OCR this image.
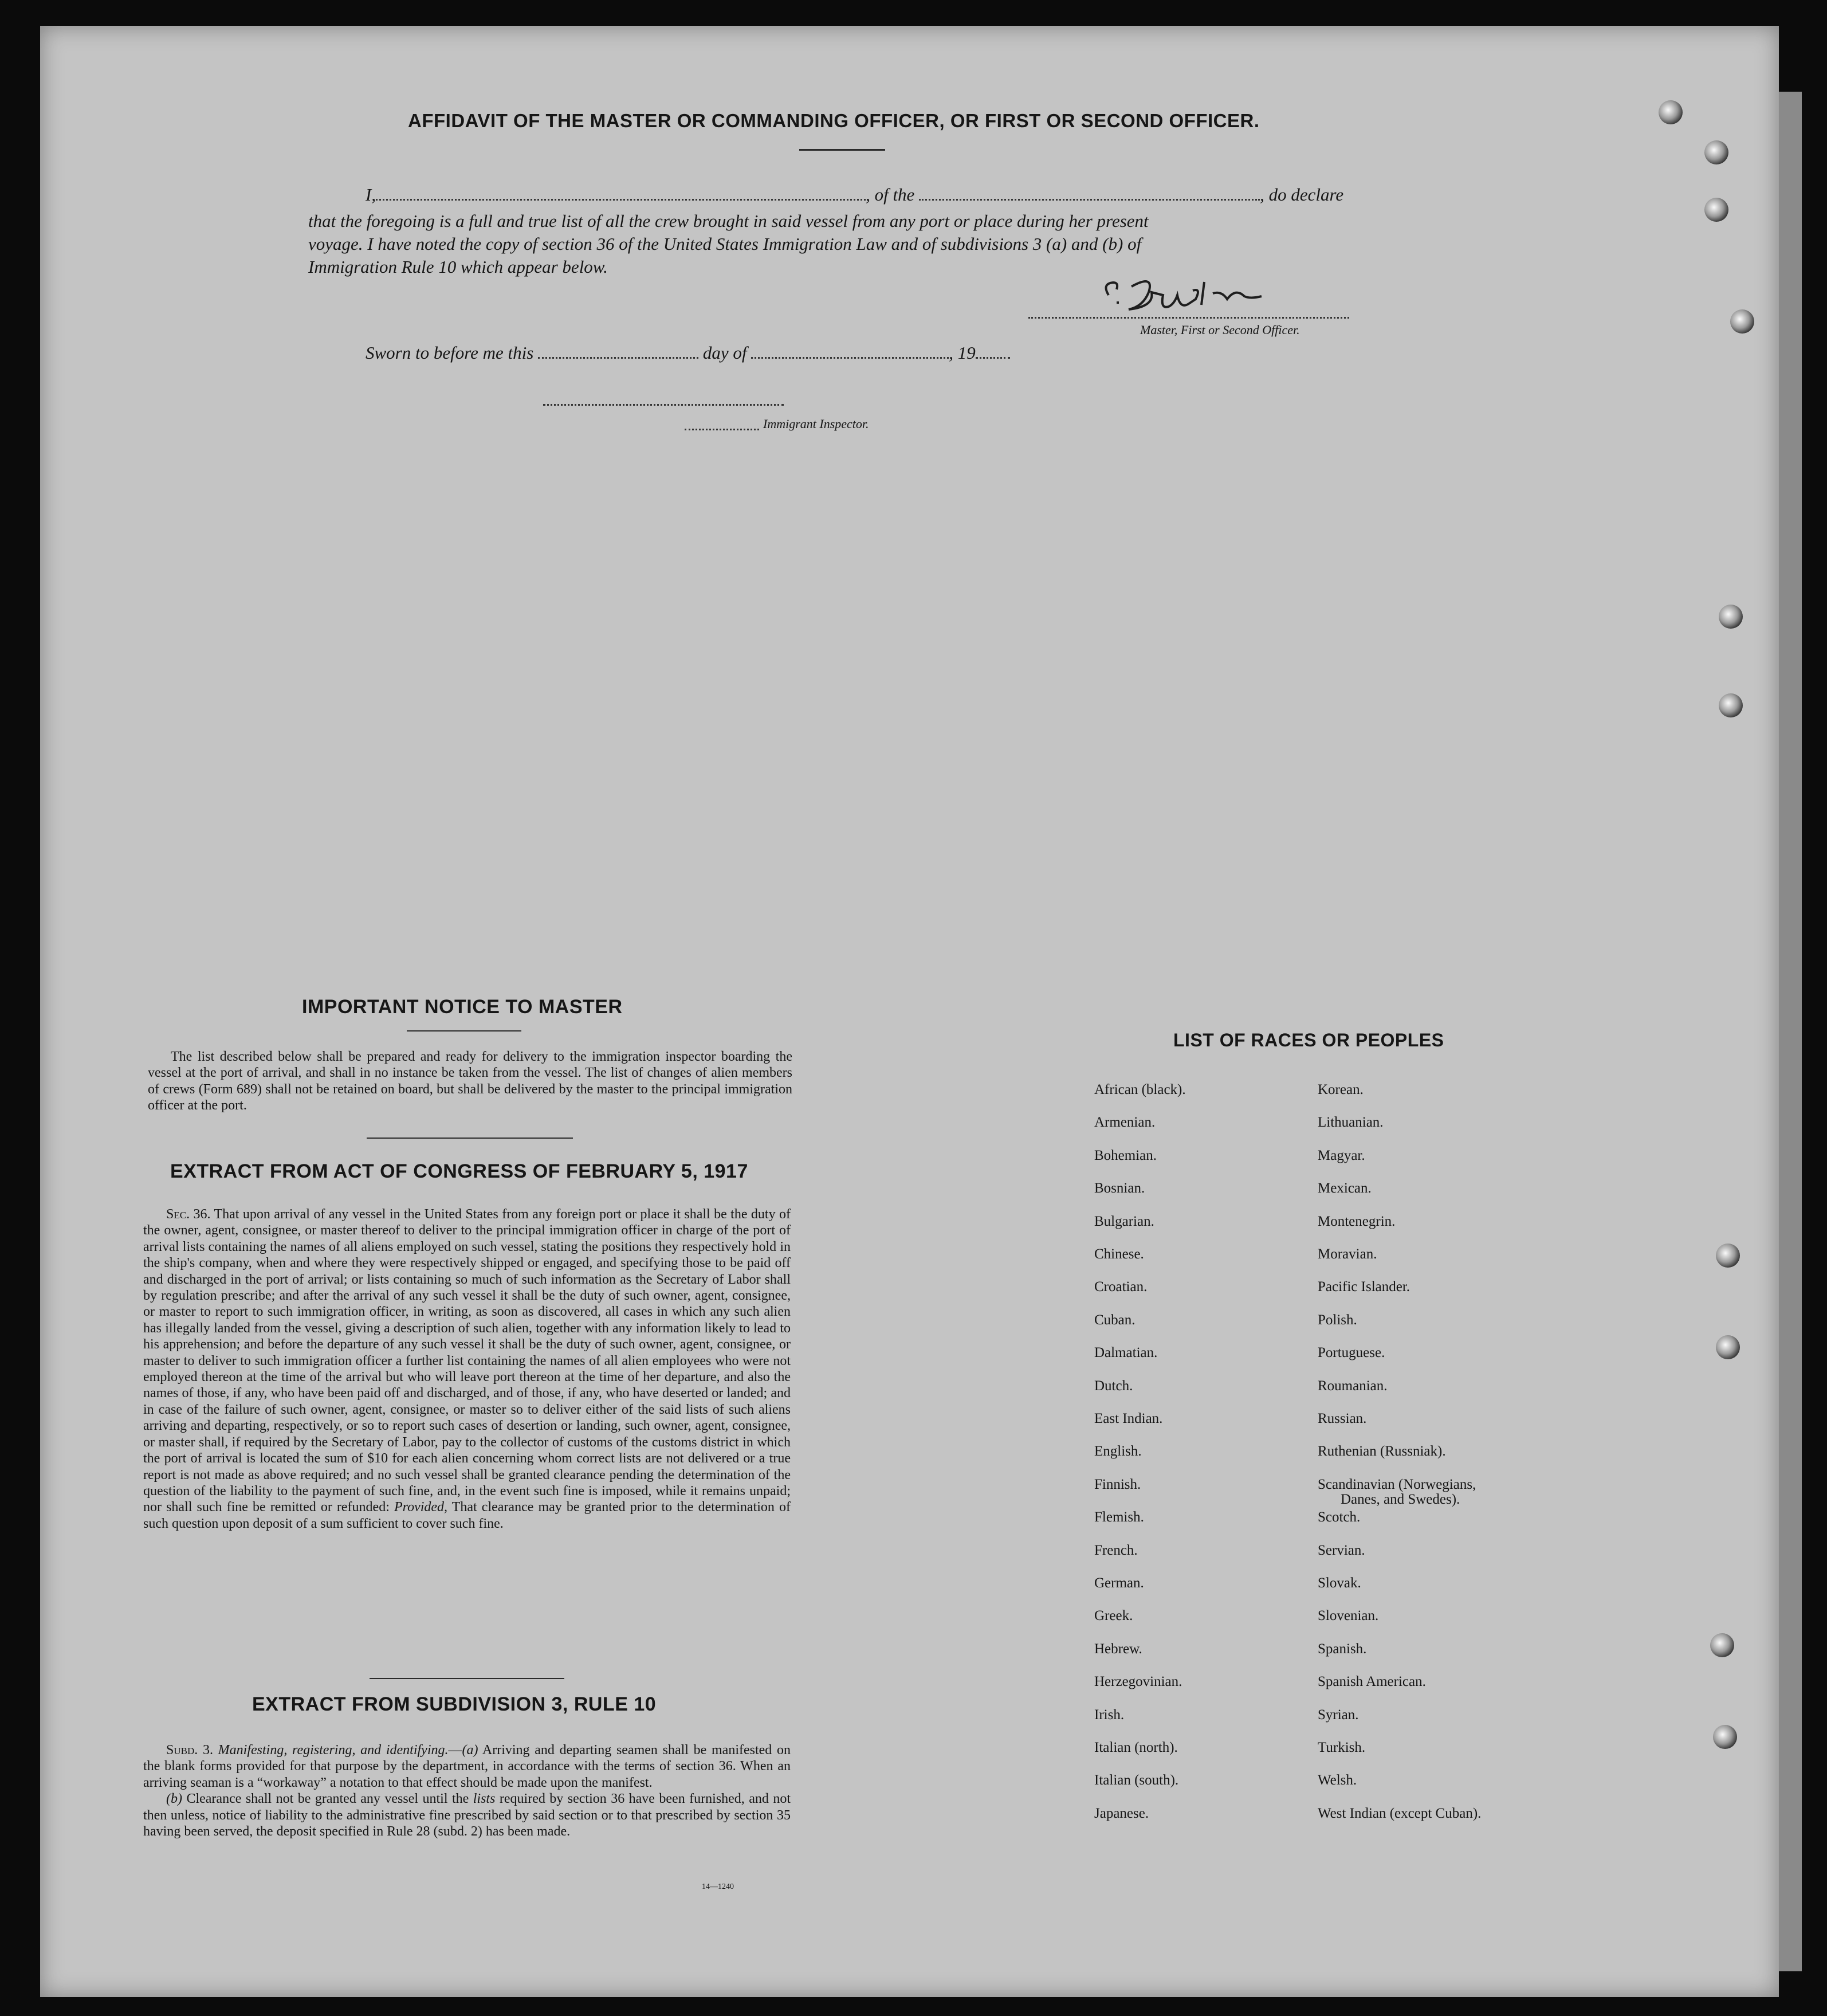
AFFIDAVIT OF THE MASTER OR COMMANDING OFFICER, OR FIRST OR SECOND OFFICER.
I,	, of the	, do declare
that the foregoing is a full and true list of all the crew brought in said vessel from any port or place during her present
voyage. I have noted the copy of section 36 of the United States Immigration Law and of subdivisions 3 (a) and (b) of
Immigration Rule 10 which appear below.
Master, First or Second Officer.
Sworn to before me this	day of	, 19
Immigrant Inspector.
IMPORTANT NOTICE TO MASTER

The list described below shall be prepared and ready for delivery to the immigration inspector boarding the vessel at the port of arrival, and shall in no instance be taken from the vessel. The list of changes of alien members of crews (Form 689) shall not be retained on board, but shall be delivered by the master to the principal immigration officer at the port.

EXTRACT FROM ACT OF CONGRESS OF FEBRUARY 5, 1917

Sec. 36. That upon arrival of any vessel in the United States from any foreign port or place it shall be the duty of the owner, agent, consignee, or master thereof to deliver to the principal immigration officer in charge of the port of arrival lists containing the names of all aliens employed on such vessel, stating the positions they respectively hold in the ship's company, when and where they were respectively shipped or engaged, and specifying those to be paid off and discharged in the port of arrival; or lists containing so much of such information as the Secretary of Labor shall by regulation prescribe; and after the arrival of any such vessel it shall be the duty of such owner, agent, consignee, or master to report to such immigration officer, in writing, as soon as discovered, all cases in which any such alien has illegally landed from the vessel, giving a description of such alien, together with any information likely to lead to his apprehension; and before the departure of any such vessel it shall be the duty of such owner, agent, consignee, or master to deliver to such immigration officer a further list containing the names of all alien employees who were not employed thereon at the time of the arrival but who will leave port thereon at the time of her departure, and also the names of those, if any, who have been paid off and discharged, and of those, if any, who have deserted or landed; and in case of the failure of such owner, agent, consignee, or master so to deliver either of the said lists of such aliens arriving and departing, respectively, or so to report such cases of desertion or landing, such owner, agent, consignee, or master shall, if required by the Secretary of Labor, pay to the collector of customs of the customs district in which the port of arrival is located the sum of $10 for each alien concerning whom correct lists are not delivered or a true report is not made as above required; and no such vessel shall be granted clearance pending the determination of the question of the liability to the payment of such fine, and, in the event such fine is imposed, while it remains unpaid; nor shall such fine be remitted or refunded: Provided, That clearance may be granted prior to the determination of such question upon deposit of a sum sufficient to cover such fine.

EXTRACT FROM SUBDIVISION 3, RULE 10

Subd. 3. Manifesting, registering, and identifying.—(a) Arriving and departing seamen shall be manifested on the blank forms provided for that purpose by the department, in accordance with the terms of section 36. When an arriving seaman is a “workaway” a notation to that effect should be made upon the manifest.

(b) Clearance shall not be granted any vessel until the lists required by section 36 have been furnished, and not then unless, notice of liability to the administrative fine prescribed by said section or to that prescribed by section 35 having been served, the deposit specified in Rule 28 (subd. 2) has been made.

14—1240
LIST OF RACES OR PEOPLES
African (black).
Armenian.
Bohemian.
Bosnian.
Bulgarian.
Chinese.
Croatian.
Cuban.
Dalmatian.
Dutch.
East Indian.
English.
Finnish.
Flemish.
French.
German.
Greek.
Hebrew.
Herzegovinian.
Irish.
Italian (north).
Italian (south).
Japanese.
Korean.
Lithuanian.
Magyar.
Mexican.
Montenegrin.
Moravian.
Pacific Islander.
Polish.
Portuguese.
Roumanian.
Russian.
Ruthenian (Russniak).
Scandinavian (Norwegians,
Danes, and Swedes).
Scotch.
Servian.
Slovak.
Slovenian.
Spanish.
Spanish American.
Syrian.
Turkish.
Welsh.
West Indian (except Cuban).
